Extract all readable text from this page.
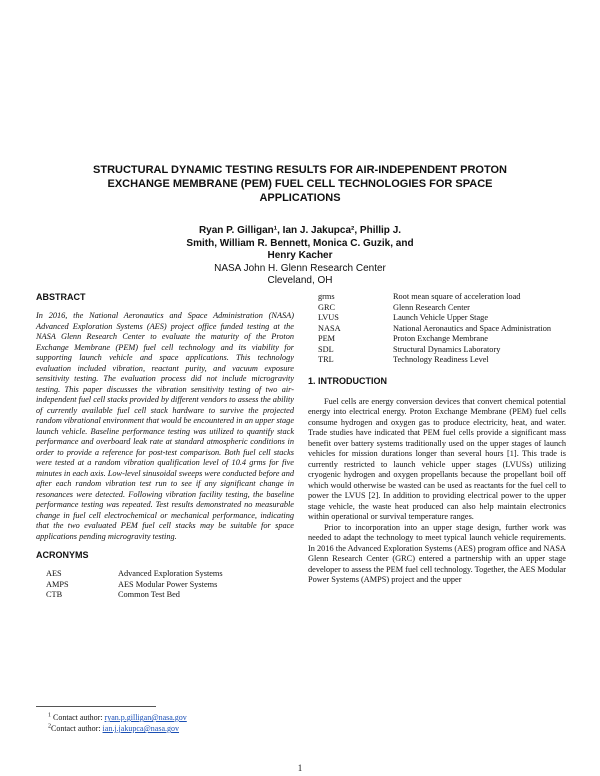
STRUCTURAL DYNAMIC TESTING RESULTS FOR AIR-INDEPENDENT PROTON EXCHANGE MEMBRANE (PEM) FUEL CELL TECHNOLOGIES FOR SPACE APPLICATIONS
Ryan P. Gilligan¹, Ian J. Jakupca², Phillip J.
Smith, William R. Bennett, Monica C. Guzik, and
Henry Kacher
NASA John H. Glenn Research Center
Cleveland, OH
ABSTRACT

In 2016, the National Aeronautics and Space Administration (NASA) Advanced Exploration Systems (AES) project office funded testing at the NASA Glenn Research Center to evaluate the maturity of the Proton Exchange Membrane (PEM) fuel cell technology and its viability for supporting launch vehicle and space applications. This technology evaluation included vibration, reactant purity, and vacuum exposure sensitivity testing. The evaluation process did not include microgravity testing. This paper discusses the vibration sensitivity testing of two air-independent fuel cell stacks provided by different vendors to assess the ability of currently available fuel cell stack hardware to survive the projected random vibrational environment that would be encountered in an upper stage launch vehicle. Baseline performance testing was utilized to quantify stack performance and overboard leak rate at standard atmospheric conditions in order to provide a reference for post-test comparison. Both fuel cell stacks were tested at a random vibration qualification level of 10.4 grms for five minutes in each axis. Low-level sinusoidal sweeps were conducted before and after each random vibration test run to see if any significant change in resonances were detected. Following vibration facility testing, the baseline performance testing was repeated. Test results demonstrated no measurable change in fuel cell electrochemical or mechanical performance, indicating that the two evaluated PEM fuel cell stacks may be suitable for space applications pending microgravity testing.

ACRONYMS
AES	Advanced Exploration Systems
AMPS	AES Modular Power Systems
CTB	Common Test Bed
grms	Root mean square of acceleration load
GRC	Glenn Research Center
LVUS	Launch Vehicle Upper Stage
NASA	National Aeronautics and Space Administration
PEM	Proton Exchange Membrane
SDL	Structural Dynamics Laboratory
TRL	Technology Readiness Level
1. INTRODUCTION

Fuel cells are energy conversion devices that convert chemical potential energy into electrical energy. Proton Exchange Membrane (PEM) fuel cells consume hydrogen and oxygen gas to produce electricity, heat, and water. Trade studies have indicated that PEM fuel cells provide a significant mass benefit over battery systems traditionally used on the upper stages of launch vehicles for mission durations longer than several hours [1]. This trade is currently restricted to launch vehicle upper stages (LVUSs) utilizing cryogenic hydrogen and oxygen propellants because the propellant boil off which would otherwise be wasted can be used as reactants for the fuel cell to power the LVUS [2]. In addition to providing electrical power to the upper stage vehicle, the waste heat produced can also help maintain electronics within operational or survival temperature ranges.

Prior to incorporation into an upper stage design, further work was needed to adapt the technology to meet typical launch vehicle requirements. In 2016 the Advanced Exploration Systems (AES) program office and NASA Glenn Research Center (GRC) entered a partnership with an upper stage developer to assess the PEM fuel cell technology. Together, the AES Modular Power Systems (AMPS) project and the upper

$^1$ Contact author: ryan.p.gilligan@nasa.gov
$^2$Contact author: ian.j.jakupca@nasa.gov
1
